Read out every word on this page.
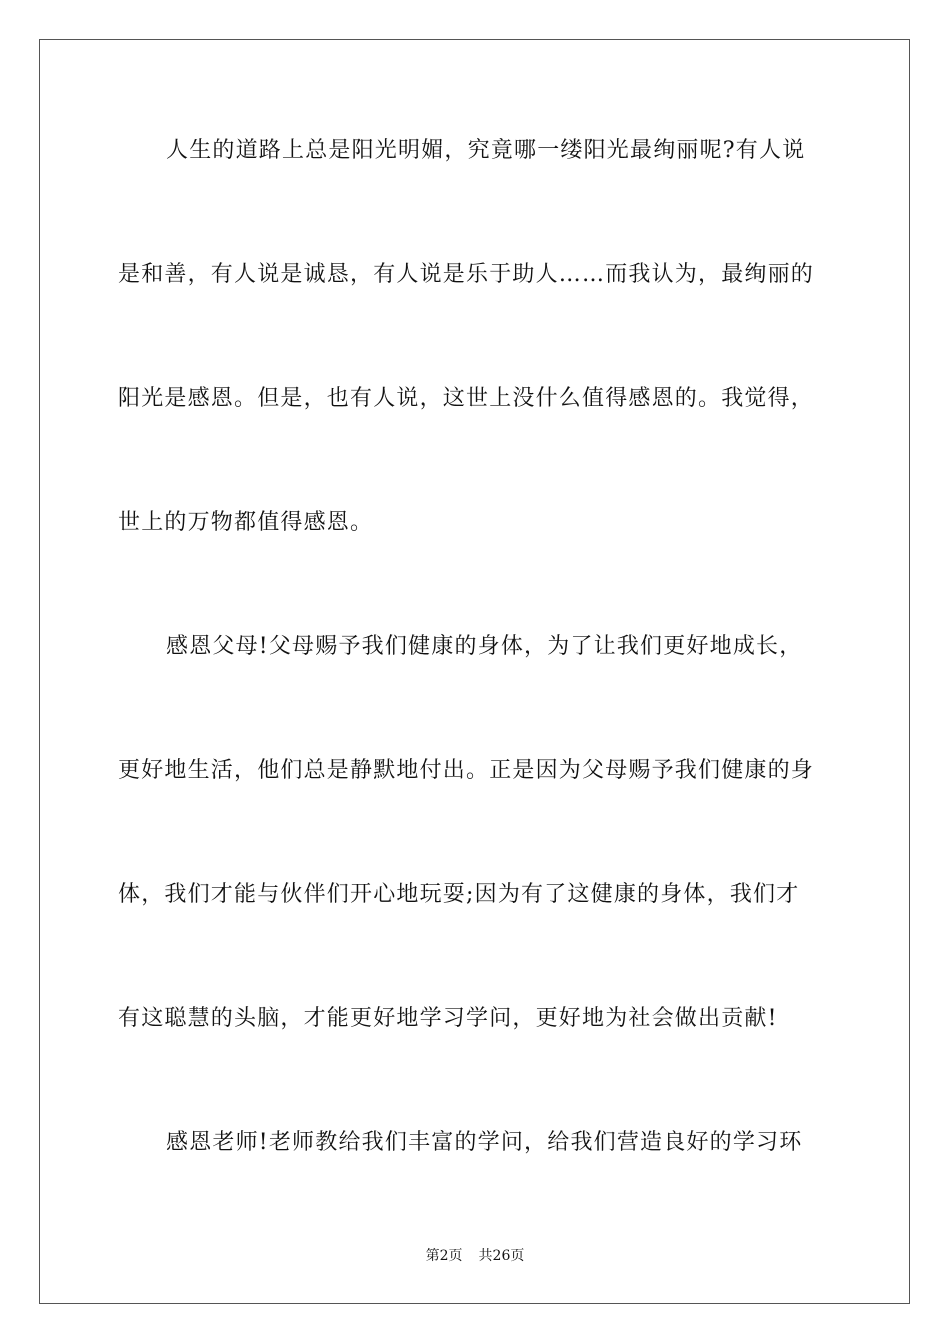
人生的道路上总是阳光明媚，究竟哪一缕阳光最绚丽呢?有人说
是和善，有人说是诚恳，有人说是乐于助人……而我认为，最绚丽的
阳光是感恩。但是，也有人说，这世上没什么值得感恩的。我觉得，
世上的万物都值得感恩。
感恩父母!父母赐予我们健康的身体，为了让我们更好地成长，
更好地生活，他们总是静默地付出。正是因为父母赐予我们健康的身
体，我们才能与伙伴们开心地玩耍;因为有了这健康的身体，我们才
有这聪慧的头脑，才能更好地学习学问，更好地为社会做出贡献!
感恩老师!老师教给我们丰富的学问，给我们营造良好的学习环
第2页 共26页
